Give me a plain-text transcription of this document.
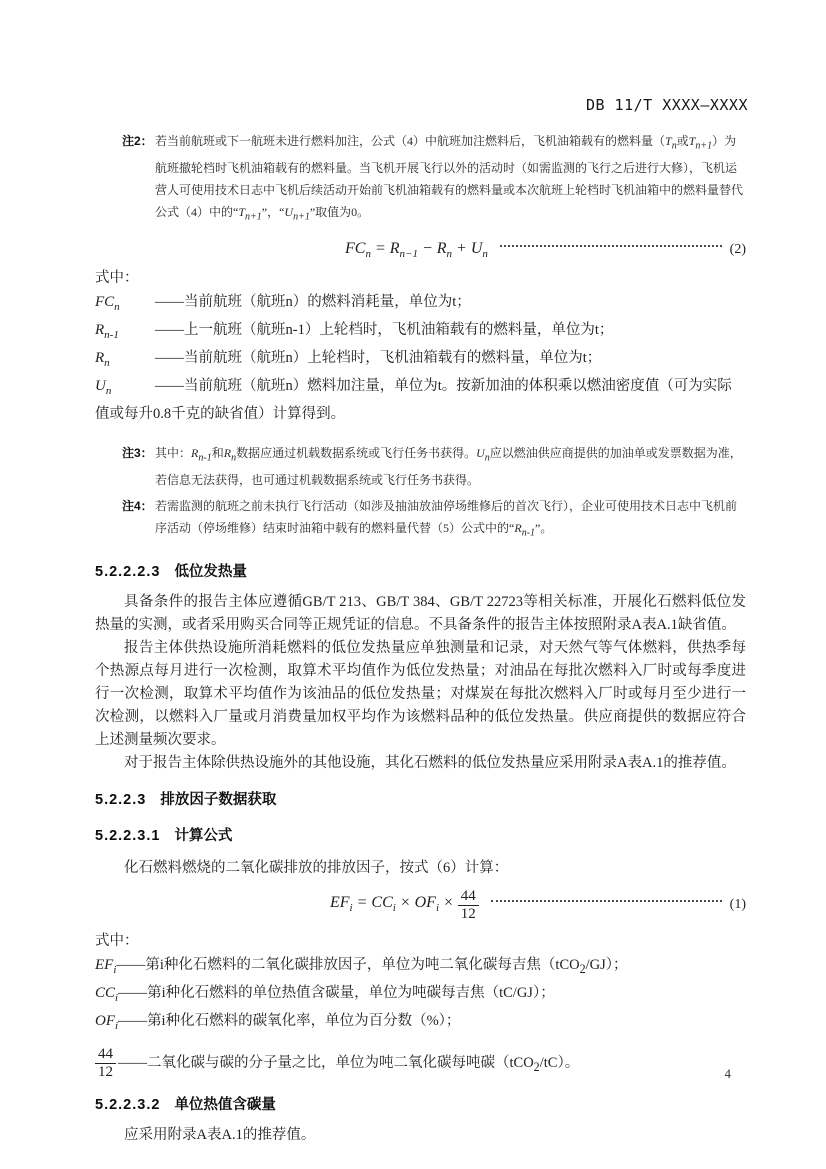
DB 11/T XXXX—XXXX
注2： 若当前航班或下一航班未进行燃料加注，公式（4）中航班加注燃料后，飞机油箱载有的燃料量（$T_n$或$T_{n+1}$）为航班撤轮档时飞机油箱载有的燃料量。当飞机开展飞行以外的活动时（如需监测的飞行之后进行大修），飞机运营人可使用技术日志中飞机后续活动开始前飞机油箱载有的燃料量或本次航班上轮档时飞机油箱中的燃料量替代公式（4）中的“$T_{n+1}$”，“$U_{n+1}$”取值为0。
$FC_n = R_{n-1} - R_n + U_n$	(2)

式中：

$FC_n$ ——当前航班（航班n）的燃料消耗量，单位为t；

$R_{n-1}$ ——上一航班（航班n-1）上轮档时，飞机油箱载有的燃料量，单位为t；

$R_n$	——当前航班（航班n）上轮档时，飞机油箱载有的燃料量，单位为t；

$U_n$	——当前航班（航班n）燃料加注量，单位为t。按新加油的体积乘以燃油密度值（可为实际值或每升0.8千克的缺省值）计算得到。

注3： 其中：$R_{n-1}$和$R_n$数据应通过机载数据系统或飞行任务书获得。$U_n$应以燃油供应商提供的加油单或发票数据为准，若信息无法获得，也可通过机载数据系统或飞行任务书获得。
注4： 若需监测的航班之前未执行飞行活动（如涉及抽油放油停场维修后的首次飞行），企业可使用技术日志中飞机前序活动（停场维修）结束时油箱中载有的燃料量代替（5）公式中的“$R_{n-1}$”。
5.2.2.2.3 低位发热量

具备条件的报告主体应遵循GB/T 213、GB/T 384、GB/T 22723等相关标准，开展化石燃料低位发热量的实测，或者采用购买合同等正规凭证的信息。不具备条件的报告主体按照附录A表A.1缺省值。

报告主体供热设施所消耗燃料的低位发热量应单独测量和记录，对天然气等气体燃料，供热季每个热源点每月进行一次检测，取算术平均值作为低位发热量；对油品在每批次燃料入厂时或每季度进行一次检测，取算术平均值作为该油品的低位发热量；对煤炭在每批次燃料入厂时或每月至少进行一次检测，以燃料入厂量或月消费量加权平均作为该燃料品种的低位发热量。供应商提供的数据应符合上述测量频次要求。

对于报告主体除供热设施外的其他设施，其化石燃料的低位发热量应采用附录A表A.1的推荐值。

5.2.2.3 排放因子数据获取
5.2.2.3.1 计算公式

化石燃料燃烧的二氧化碳排放的排放因子，按式（6）计算：

$EF_i = CC_i \times OF_i \times \frac{44}{12}$	(1)

式中：

$EF_i——$第i种化石燃料的二氧化碳排放因子，单位为吨二氧化碳每吉焦（tCO$_2$/GJ）；

$CC_i——$第i种化石燃料的单位热值含碳量，单位为吨碳每吉焦（tC/GJ）；

$OF_i——$第i种化石燃料的碳氧化率，单位为百分数（%）；

$\frac{44}{12}$ ——二氧化碳与碳的分子量之比，单位为吨二氧化碳每吨碳（tCO$_2$/tC）。
5.2.2.3.2 单位热值含碳量

应采用附录A表A.1的推荐值。

4
